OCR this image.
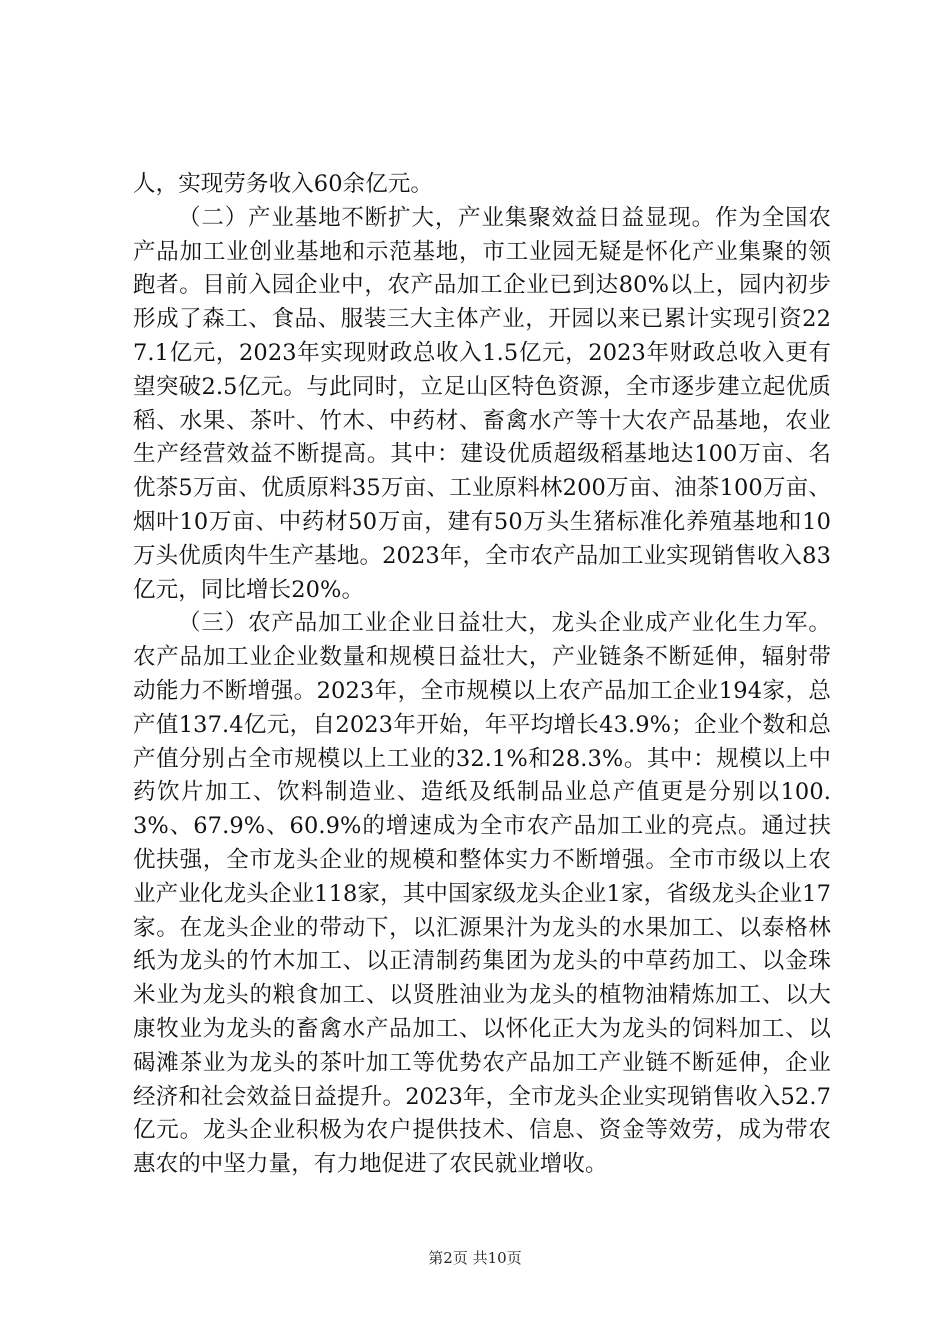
人，实现劳务收入60余亿元。

（二）产业基地不断扩大，产业集聚效益日益显现。作为全国农产品加工业创业基地和示范基地，市工业园无疑是怀化产业集聚的领跑者。目前入园企业中，农产品加工企业已到达80%以上，园内初步形成了森工、食品、服装三大主体产业，开园以来已累计实现引资227.1亿元，2023年实现财政总收入1.5亿元，2023年财政总收入更有望突破2.5亿元。与此同时，立足山区特色资源，全市逐步建立起优质稻、水果、茶叶、竹木、中药材、畜禽水产等十大农产品基地，农业生产经营效益不断提高。其中：建设优质超级稻基地达100万亩、名优茶5万亩、优质原料35万亩、工业原料林200万亩、油茶100万亩、烟叶10万亩、中药材50万亩，建有50万头生猪标准化养殖基地和10万头优质肉牛生产基地。2023年，全市农产品加工业实现销售收入83亿元，同比增长20%。

（三）农产品加工业企业日益壮大，龙头企业成产业化生力军。农产品加工业企业数量和规模日益壮大，产业链条不断延伸，辐射带动能力不断增强。2023年，全市规模以上农产品加工企业194家，总产值137.4亿元，自2023年开始，年平均增长43.9%；企业个数和总产值分别占全市规模以上工业的32.1%和28.3%。其中：规模以上中药饮片加工、饮料制造业、造纸及纸制品业总产值更是分别以100.3%、67.9%、60.9%的增速成为全市农产品加工业的亮点。通过扶优扶强，全市龙头企业的规模和整体实力不断增强。全市市级以上农业产业化龙头企业118家，其中国家级龙头企业1家，省级龙头企业17家。在龙头企业的带动下，以汇源果汁为龙头的水果加工、以泰格林纸为龙头的竹木加工、以正清制药集团为龙头的中草药加工、以金珠米业为龙头的粮食加工、以贤胜油业为龙头的植物油精炼加工、以大康牧业为龙头的畜禽水产品加工、以怀化正大为龙头的饲料加工、以碣滩茶业为龙头的茶叶加工等优势农产品加工产业链不断延伸，企业经济和社会效益日益提升。2023年，全市龙头企业实现销售收入52.7亿元。龙头企业积极为农户提供技术、信息、资金等效劳，成为带农惠农的中坚力量，有力地促进了农民就业增收。

第2页 共10页
